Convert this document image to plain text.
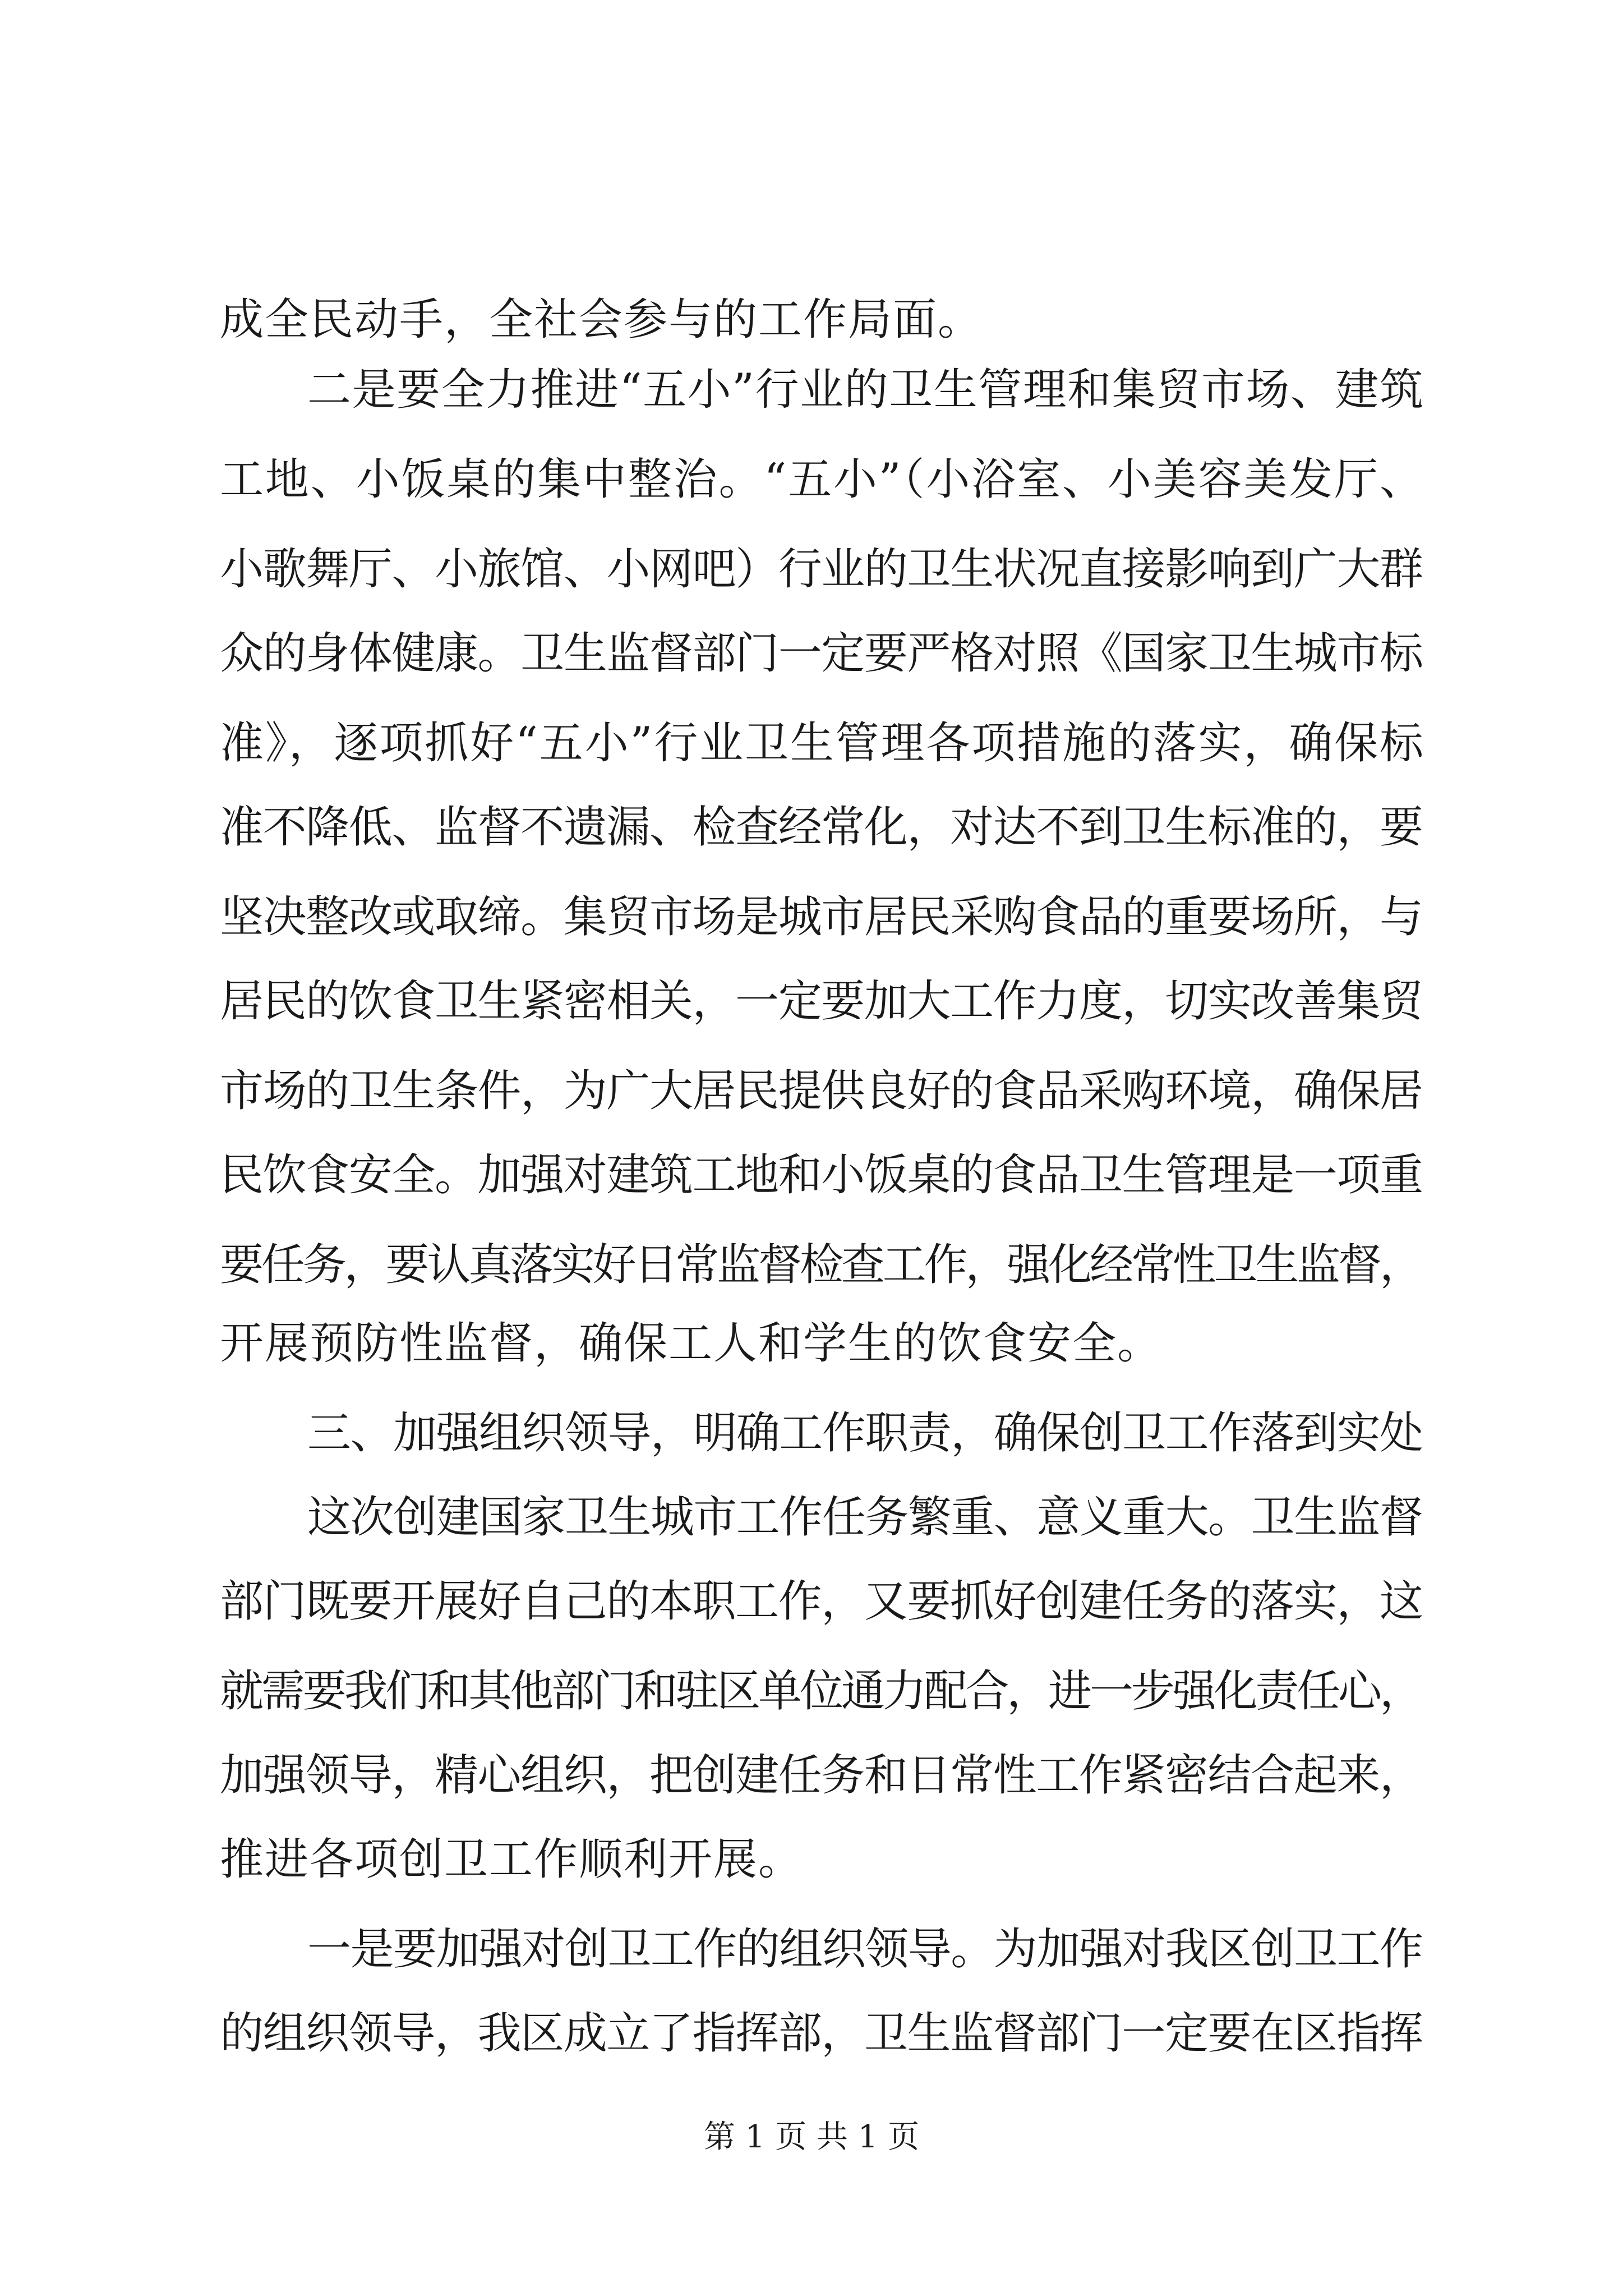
成全民动手，全社会参与的工作局面。
二是要全力推进“五小”行业的卫生管理和集贸市场、建筑
工地、小饭桌的集中整治。“五小”（小浴室、小美容美发厅、
小歌舞厅、小旅馆、小网吧）行业的卫生状况直接影响到广大群
众的身体健康。卫生监督部门一定要严格对照《国家卫生城市标
准》，逐项抓好“五小”行业卫生管理各项措施的落实，确保标
准不降低、监督不遗漏、检查经常化，对达不到卫生标准的，要
坚决整改或取缔。集贸市场是城市居民采购食品的重要场所，与
居民的饮食卫生紧密相关，一定要加大工作力度，切实改善集贸
市场的卫生条件，为广大居民提供良好的食品采购环境，确保居
民饮食安全。加强对建筑工地和小饭桌的食品卫生管理是一项重
要任务，要认真落实好日常监督检查工作，强化经常性卫生监督，
开展预防性监督，确保工人和学生的饮食安全。
三、加强组织领导，明确工作职责，确保创卫工作落到实处
这次创建国家卫生城市工作任务繁重、意义重大。卫生监督
部门既要开展好自己的本职工作，又要抓好创建任务的落实，这
就需要我们和其他部门和驻区单位通力配合，进一步强化责任心，
加强领导，精心组织，把创建任务和日常性工作紧密结合起来，
推进各项创卫工作顺利开展。
一是要加强对创卫工作的组织领导。为加强对我区创卫工作
的组织领导，我区成立了指挥部，卫生监督部门一定要在区指挥
第 1 页 共 1 页
